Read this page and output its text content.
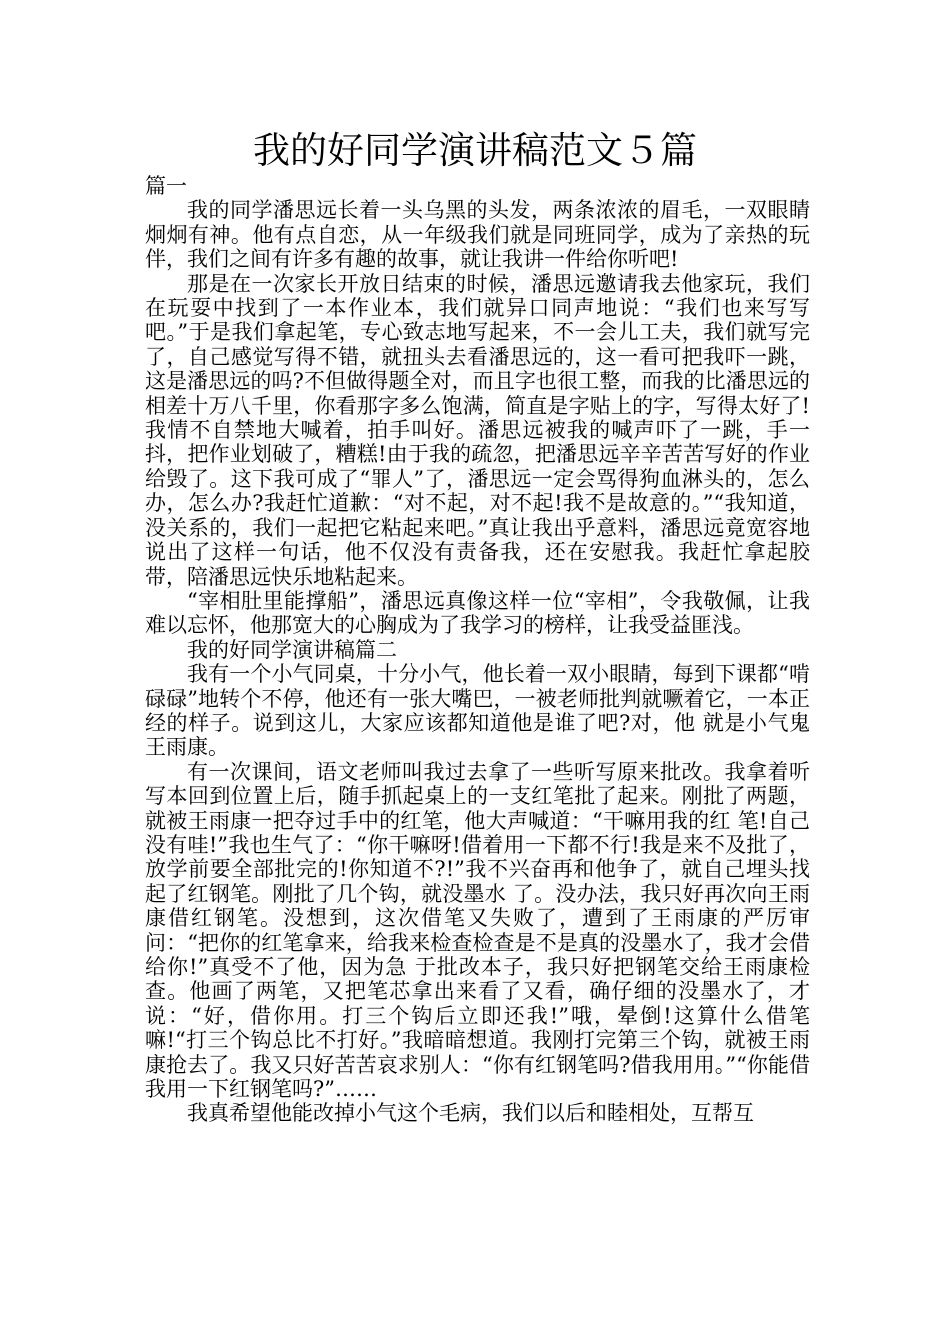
我的好同学演讲稿范文５篇

篇一

我的同学潘思远长着一头乌黑的头发，两条浓浓的眉毛，一双眼睛炯炯有神。他有点自恋，从一年级我们就是同班同学，成为了亲热的玩伴，我们之间有许多有趣的故事，就让我讲一件给你听吧!

那是在一次家长开放日结束的时候，潘思远邀请我去他家玩，我们在玩耍中找到了一本作业本，我们就异口同声地说：“我们也来写写吧。”于是我们拿起笔，专心致志地写起来，不一会儿工夫，我们就写完了，自己感觉写得不错，就扭头去看潘思远的，这一看可把我吓一跳，这是潘思远的吗?不但做得题全对，而且字也很工整，而我的比潘思远的相差十万八千里，你看那字多么饱满，简直是字贴上的字，写得太好了!我情不自禁地大喊着，拍手叫好。潘思远被我的喊声吓了一跳，手一抖，把作业划破了，糟糕!由于我的疏忽，把潘思远辛辛苦苦写好的作业给毁了。这下我可成了“罪人”了，潘思远一定会骂得狗血淋头的，怎么办，怎么办?我赶忙道歉：“对不起，对不起!我不是故意的。”“我知道，没关系的，我们一起把它粘起来吧。”真让我出乎意料，潘思远竟宽容地说出了这样一句话，他不仅没有责备我，还在安慰我。我赶忙拿起胶带，陪潘思远快乐地粘起来。

“宰相肚里能撑船”，潘思远真像这样一位“宰相”，令我敬佩，让我难以忘怀，他那宽大的心胸成为了我学习的榜样，让我受益匪浅。

我的好同学演讲稿篇二

我有一个小气同桌，十分小气，他长着一双小眼睛，每到下课都“啃碌碌”地转个不停，他还有一张大嘴巴，一被老师批判就噘着它，一本正经的样子。说到这儿，大家应该都知道他是谁了吧?对，他 就是小气鬼王雨康。

有一次课间，语文老师叫我过去拿了一些听写原来批改。我拿着听写本回到位置上后，随手抓起桌上的一支红笔批了起来。刚批了两题，就被王雨康一把夺过手中的红笔，他大声喊道：“干嘛用我的红 笔!自己没有哇!”我也生气了：“你干嘛呀!借着用一下都不行!我是来不及批了，放学前要全部批完的!你知道不?!”我不兴奋再和他争了，就自己埋头找起了红钢笔。刚批了几个钩，就没墨水 了。没办法，我只好再次向王雨康借红钢笔。没想到，这次借笔又失败了，遭到了王雨康的严厉审问：“把你的红笔拿来，给我来检查检查是不是真的没墨水了，我才会借给你!”真受不了他，因为急 于批改本子，我只好把钢笔交给王雨康检查。他画了两笔，又把笔芯拿出来看了又看，确仔细的没墨水了，才说：“好，借你用。打三个钩后立即还我!”哦，晕倒!这算什么借笔嘛!“打三个钩总比不打好。”我暗暗想道。我刚打完第三个钩，就被王雨康抢去了。我又只好苦苦哀求别人：“你有红钢笔吗?借我用用。”“你能借我用一下红钢笔吗?”……

我真希望他能改掉小气这个毛病，我们以后和睦相处，互帮互
